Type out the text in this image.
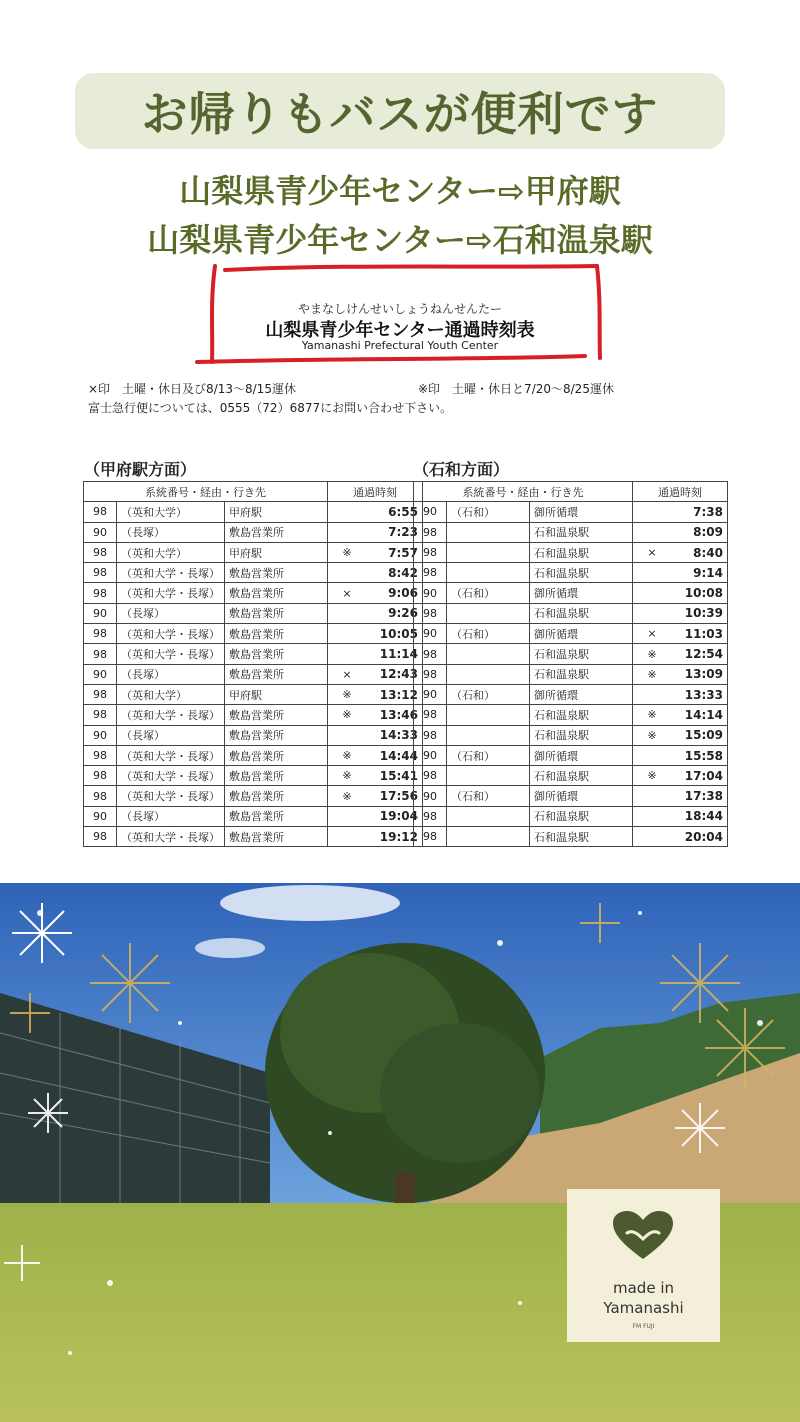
お帰りもバスが便利です
山梨県青少年センター⇨甲府駅
山梨県青少年センター⇨石和温泉駅
やまなしけんせいしょうねんせんたー
山梨県青少年センター通過時刻表
Yamanashi Prefectural Youth Center
×印　土曜・休日及び8/13～8/15運休
富士急行便については、0555（72）6877にお問い合わせ下さい。
※印　土曜・休日と7/20～8/25運休
（甲府駅方面）	（石和方面）
系統番号・経由・行き先			通過時刻	
98	（英和大学）	甲府駅		6:55
90	（長塚）	敷島営業所		7:23
98	（英和大学）	甲府駅	※	7:57
98	（英和大学・長塚）	敷島営業所		8:42
98	（英和大学・長塚）	敷島営業所	×	9:06
90	（長塚）	敷島営業所		9:26
98	（英和大学・長塚）	敷島営業所		10:05
98	（英和大学・長塚）	敷島営業所		11:14
90	（長塚）	敷島営業所	×	12:43
98	（英和大学）	甲府駅	※	13:12
98	（英和大学・長塚）	敷島営業所	※	13:46
90	（長塚）	敷島営業所		14:33
98	（英和大学・長塚）	敷島営業所	※	14:44
98	（英和大学・長塚）	敷島営業所	※	15:41
98	（英和大学・長塚）	敷島営業所	※	17:56
90	（長塚）	敷島営業所		19:04
98	（英和大学・長塚）	敷島営業所		19:12
系統番号・経由・行き先			通過時刻	
90	（石和）	御所循環		7:38
98		石和温泉駅		8:09
98		石和温泉駅	×	8:40
98		石和温泉駅		9:14
90	（石和）	御所循環		10:08
98		石和温泉駅		10:39
90	（石和）	御所循環	×	11:03
98		石和温泉駅	※	12:54
98		石和温泉駅	※	13:09
90	（石和）	御所循環		13:33
98		石和温泉駅	※	14:14
98		石和温泉駅	※	15:09
90	（石和）	御所循環		15:58
98		石和温泉駅	※	17:04
90	（石和）	御所循環		17:38
98		石和温泉駅		18:44
98		石和温泉駅		20:04
made in
Yamanashi
FM FUJI
